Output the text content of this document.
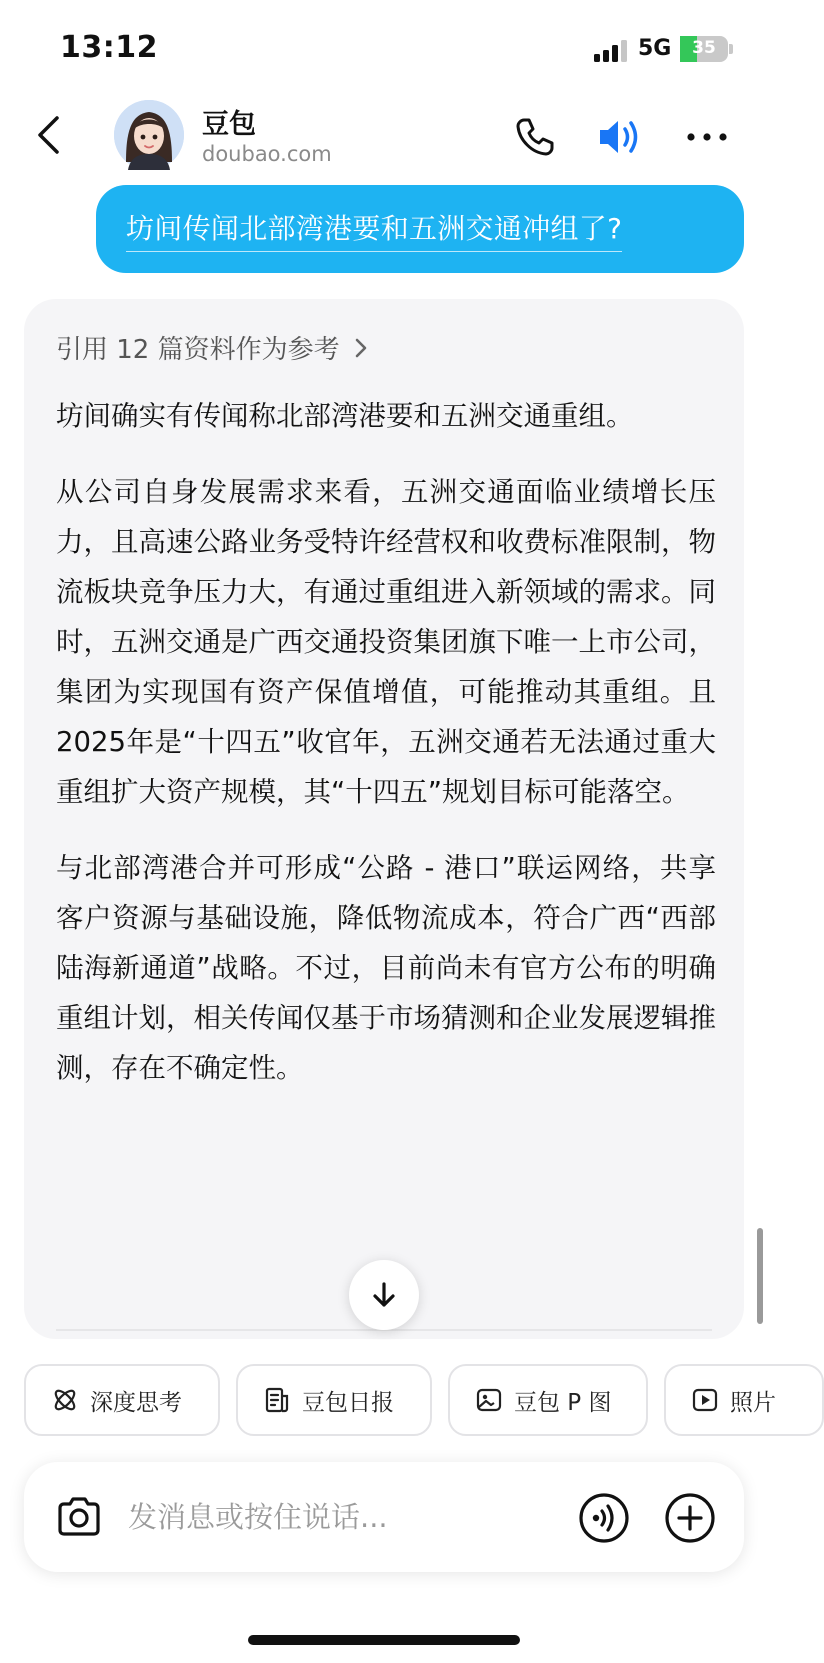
13:12	5G	35
豆包
doubao.com
坊间传闻北部湾港要和五洲交通冲组了?
引用 12 篇资料作为参考

坊间确实有传闻称北部湾港要和五洲交通重组。

从公司自身发展需求来看，五洲交通面临业绩增长压力，且高速公路业务受特许经营权和收费标准限制，物流板块竞争压力大，有通过重组进入新领域的需求。同时，五洲交通是广西交通投资集团旗下唯一上市公司，集团为实现国有资产保值增值，可能推动其重组。且2025年是“十四五”收官年，五洲交通若无法通过重大重组扩大资产规模，其“十四五”规划目标可能落空。

与北部湾港合并可形成“公路 - 港口”联运网络，共享客户资源与基础设施，降低物流成本，符合广西“西部陆海新通道”战略。不过，目前尚未有官方公布的明确重组计划，相关传闻仅基于市场猜测和企业发展逻辑推测，存在不确定性。

深度思考	豆包日报	豆包 P 图	照片
发消息或按住说话...
